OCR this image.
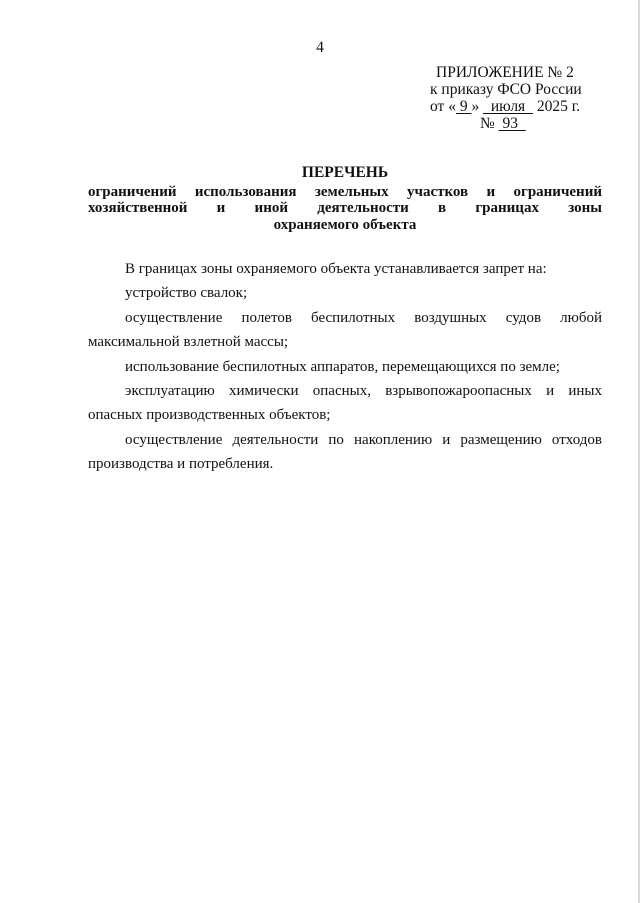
4
ПРИЛОЖЕНИЕ № 2
к приказу ФСО России
от « 9 »   июля   2025 г.
№  93
ПЕРЕЧЕНЬ
ограничений использования земельных участков и ограничений
хозяйственной и иной деятельности в границах зоны
охраняемого объекта
В границах зоны охраняемого объекта устанавливается запрет на:
устройство свалок;
осуществление полетов беспилотных воздушных судов любой
максимальной взлетной массы;
использование беспилотных аппаратов, перемещающихся по земле;
эксплуатацию химически опасных, взрывопожароопасных и иных
опасных производственных объектов;
осуществление деятельности по накоплению и размещению отходов
производства и потребления.
